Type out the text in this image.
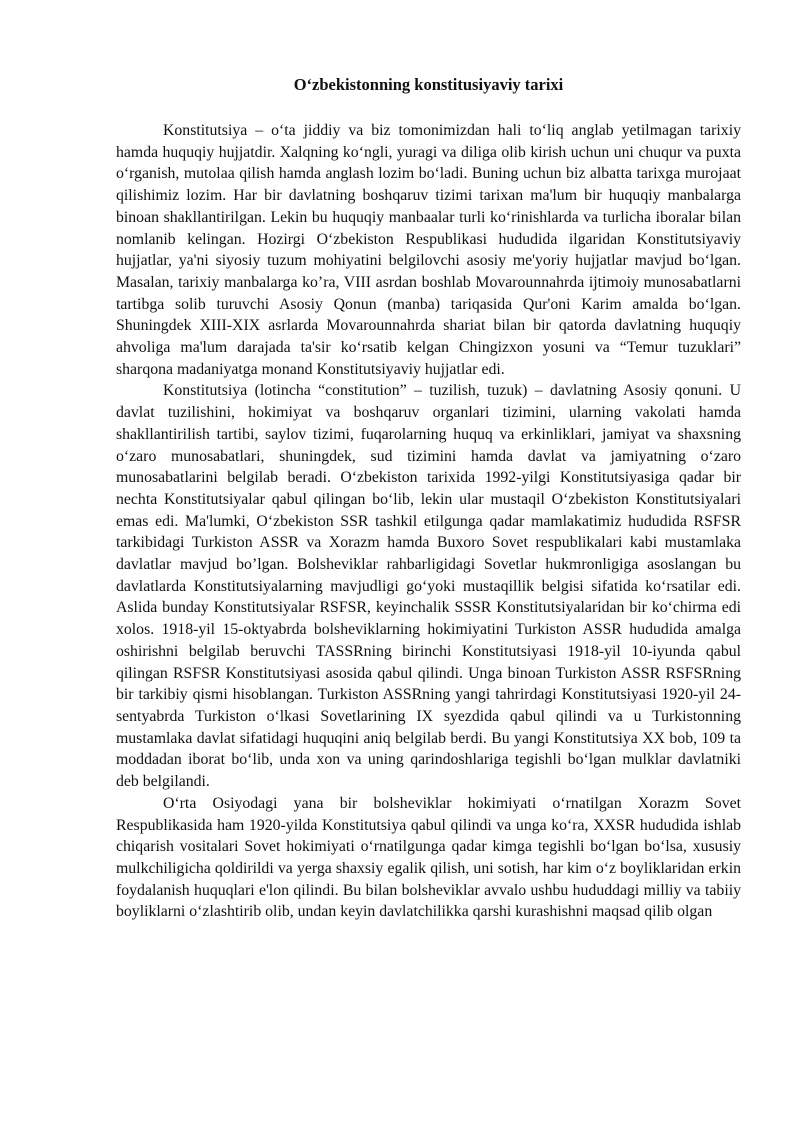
O‘zbekistonning konstitusiyaviy tarixi

Konstitutsiya – o‘ta jiddiy va biz tomonimizdan hali to‘liq anglab yetilmagan tarixiy hamda huquqiy hujjatdir. Xalqning ko‘ngli, yuragi va diliga olib kirish uchun uni chuqur va puxta o‘rganish, mutolaa qilish hamda anglash lozim bo‘ladi. Buning uchun biz albatta tarixga murojaat qilishimiz lozim. Har bir davlatning boshqaruv tizimi tarixan ma'lum bir huquqiy manbalarga binoan shakllantirilgan. Lekin bu huquqiy manbaalar turli ko‘rinishlarda va turlicha iboralar bilan nomlanib kelingan. Hozirgi O‘zbekiston Respublikasi hududida ilgaridan Konstitutsiyaviy hujjatlar, ya'ni siyosiy tuzum mohiyatini belgilovchi asosiy me'yoriy hujjatlar mavjud bo‘lgan. Masalan, tarixiy manbalarga ko’ra, VIII asrdan boshlab Movarounnahrda ijtimoiy munosabatlarni tartibga solib turuvchi Asosiy Qonun (manba) tariqasida Qur'oni Karim amalda bo‘lgan. Shuningdek XIII-XIX asrlarda Movarounnahrda shariat bilan bir qatorda davlatning huquqiy ahvoliga ma'lum darajada ta'sir ko‘rsatib kelgan Chingizxon yosuni va “Temur tuzuklari” sharqona madaniyatga monand Konstitutsiyaviy hujjatlar edi.

Konstitutsiya (lotincha “constitution” – tuzilish, tuzuk) – davlatning Asosiy qonuni. U davlat tuzilishini, hokimiyat va boshqaruv organlari tizimini, ularning vakolati hamda shakllantirilish tartibi, saylov tizimi, fuqarolarning huquq va erkinliklari, jamiyat va shaxsning o‘zaro munosabatlari, shuningdek, sud tizimini hamda davlat va jamiyatning o‘zaro munosabatlarini belgilab beradi. O‘zbekiston tarixida 1992-yilgi Konstitutsiyasiga qadar bir nechta Konstitutsiyalar qabul qilingan bo‘lib, lekin ular mustaqil O‘zbekiston Konstitutsiyalari emas edi. Ma'lumki, O‘zbekiston SSR tashkil etilgunga qadar mamlakatimiz hududida RSFSR tarkibidagi Turkiston ASSR va Xorazm hamda Buxoro Sovet respublikalari kabi mustamlaka davlatlar mavjud bo’lgan. Bolsheviklar rahbarligidagi Sovetlar hukmronligiga asoslangan bu davlatlarda Konstitutsiyalarning mavjudligi go‘yoki mustaqillik belgisi sifatida ko‘rsatilar edi. Aslida bunday Konstitutsiyalar RSFSR, keyinchalik SSSR Konstitutsiyalaridan bir ko‘chirma edi xolos. 1918-yil 15-oktyabrda bolsheviklarning hokimiyatini Turkiston ASSR hududida amalga oshirishni belgilab beruvchi TASSRning birinchi Konstitutsiyasi 1918-yil 10-iyunda qabul qilingan RSFSR Konstitutsiyasi asosida qabul qilindi. Unga binoan Turkiston ASSR RSFSRning bir tarkibiy qismi hisoblangan. Turkiston ASSRning yangi tahrirdagi Konstitutsiyasi 1920-yil 24-sentyabrda Turkiston o‘lkasi Sovetlarining IX syezdida qabul qilindi va u Turkistonning mustamlaka davlat sifatidagi huquqini aniq belgilab berdi. Bu yangi Konstitutsiya XX bob, 109 ta moddadan iborat bo‘lib, unda xon va uning qarindoshlariga tegishli bo‘lgan mulklar davlatniki deb belgilandi.

O‘rta Osiyodagi yana bir bolsheviklar hokimiyati o‘rnatilgan Xorazm Sovet Respublikasida ham 1920-yilda Konstitutsiya qabul qilindi va unga ko‘ra, XXSR hududida ishlab chiqarish vositalari Sovet hokimiyati o‘rnatilgunga qadar kimga tegishli bo‘lgan bo‘lsa, xususiy mulkchiligicha qoldirildi va yerga shaxsiy egalik qilish, uni sotish, har kim o‘z boyliklaridan erkin foydalanish huquqlari e'lon qilindi. Bu bilan bolsheviklar avvalo ushbu hududdagi milliy va tabiiy boyliklarni o‘zlashtirib olib, undan keyin davlatchilikka qarshi kurashishni maqsad qilib olgan
